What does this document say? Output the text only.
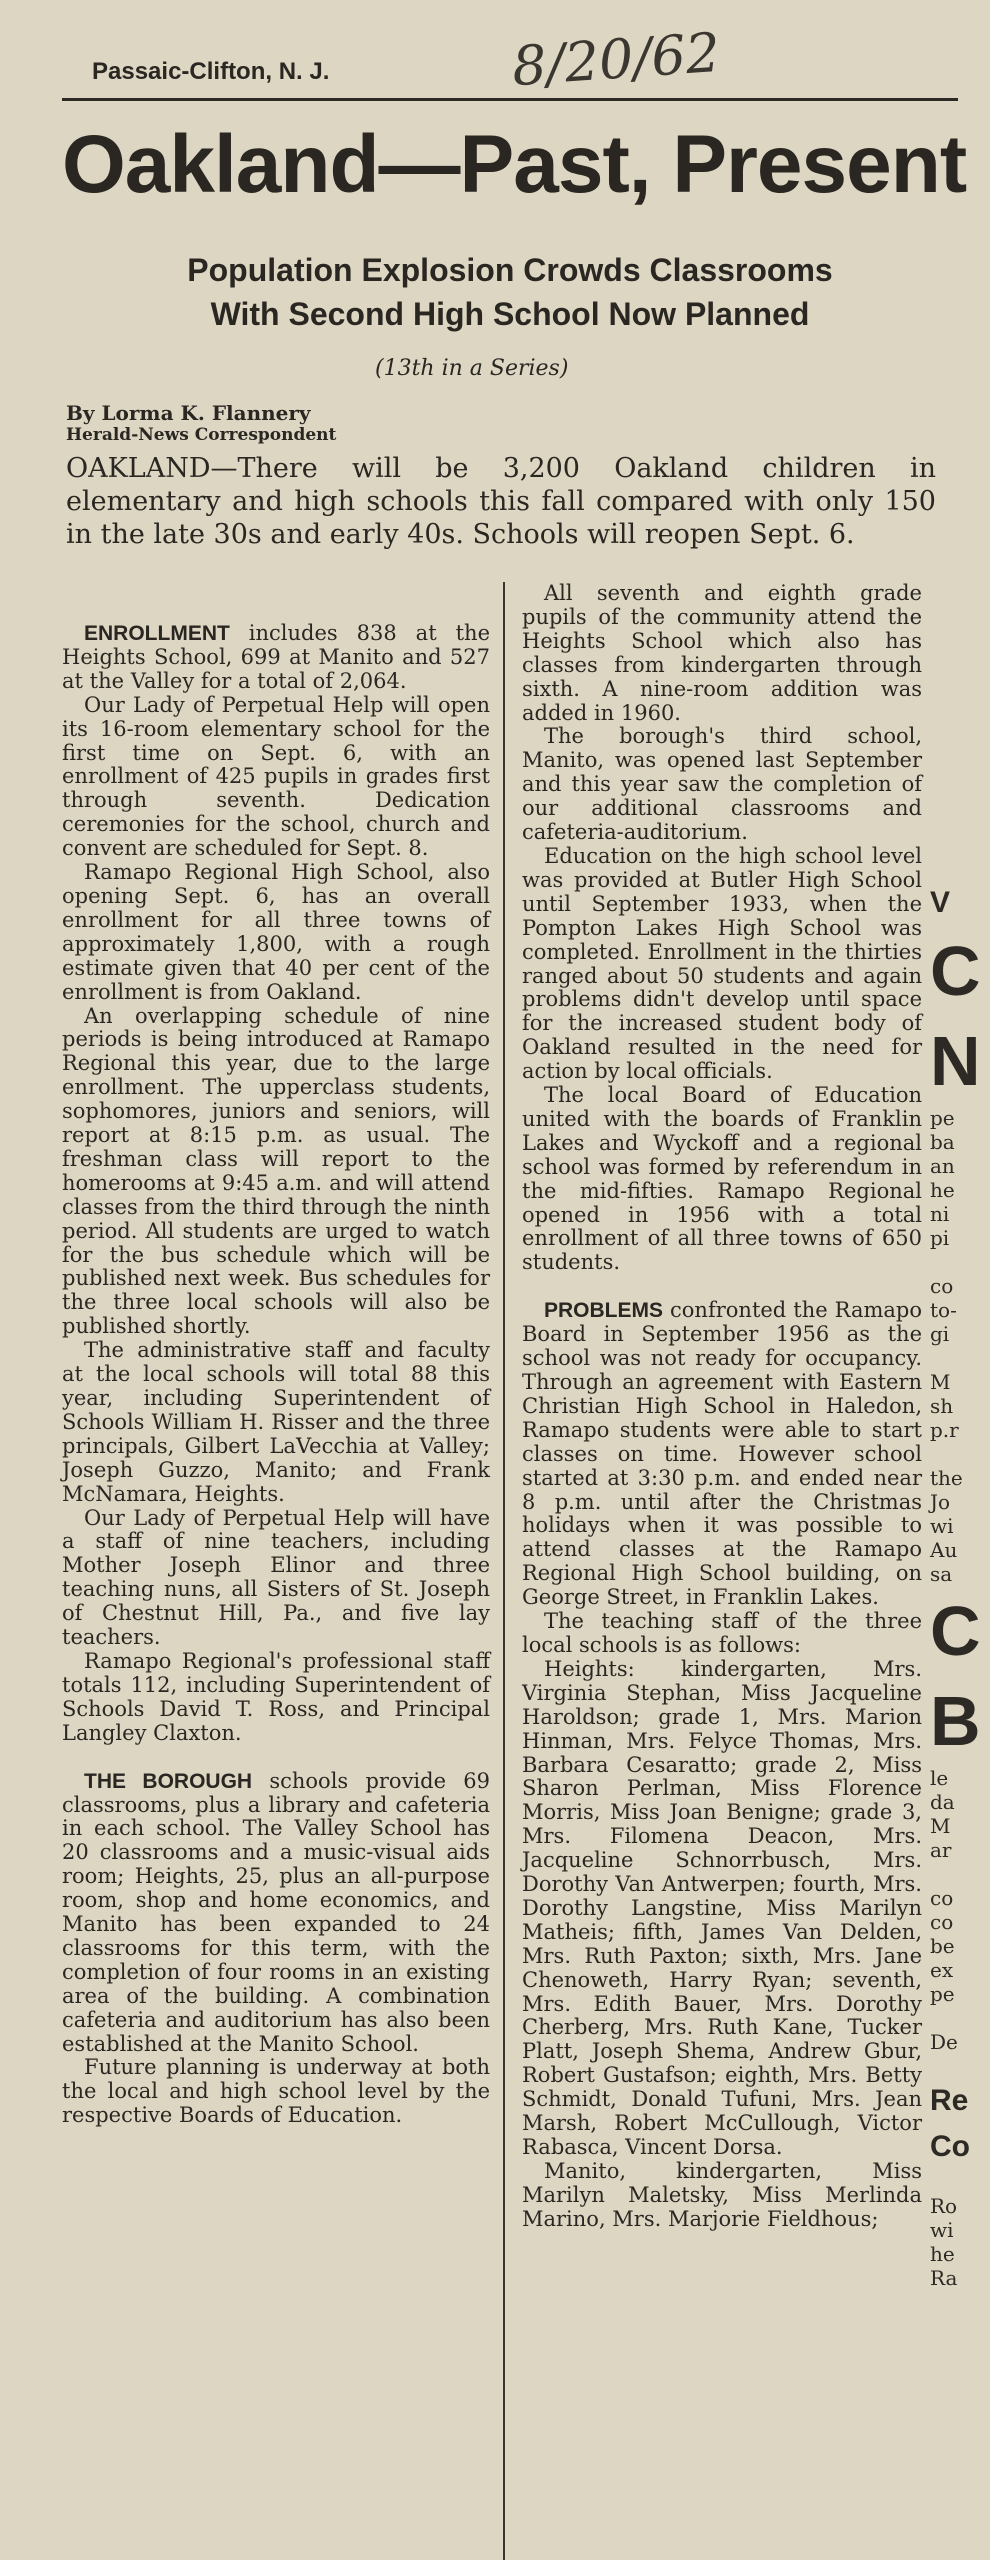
Passaic-Clifton, N. J.	8/20/62
Oakland—Past, Present
Population Explosion Crowds Classrooms
With Second High School Now Planned
(13th in a Series)
By Lorma K. Flannery
Herald-News Correspondent
OAKLAND—There will be 3,200 Oakland children in elementary and high schools this fall compared with only 150 in the late 30s and early 40s. Schools will reopen Sept. 6.

ENROLLMENT includes 838 at the Heights School, 699 at Manito and 527 at the Valley for a total of 2,064.

Our Lady of Perpetual Help will open its 16-room elementary school for the first time on Sept. 6, with an enrollment of 425 pupils in grades first through seventh. Dedication ceremonies for the school, church and convent are scheduled for Sept. 8.

Ramapo Regional High School, also opening Sept. 6, has an overall enrollment for all three towns of approximately 1,800, with a rough estimate given that 40 per cent of the enrollment is from Oakland.

An overlapping schedule of nine periods is being introduced at Ramapo Regional this year, due to the large enrollment. The upperclass students, sophomores, juniors and seniors, will report at 8:15 p.m. as usual. The freshman class will report to the homerooms at 9:45 a.m. and will attend classes from the third through the ninth period. All students are urged to watch for the bus schedule which will be published next week. Bus schedules for the three local schools will also be published shortly.

The administrative staff and faculty at the local schools will total 88 this year, including Superintendent of Schools William H. Risser and the three principals, Gilbert LaVecchia at Valley; Joseph Guzzo, Manito; and Frank McNamara, Heights.

Our Lady of Perpetual Help will have a staff of nine teachers, including Mother Joseph Elinor and three teaching nuns, all Sisters of St. Joseph of Chestnut Hill, Pa., and five lay teachers.

Ramapo Regional's professional staff totals 112, including Superintendent of Schools David T. Ross, and Principal Langley Claxton.

THE BOROUGH schools provide 69 classrooms, plus a library and cafeteria in each school. The Valley School has 20 classrooms and a music-visual aids room; Heights, 25, plus an all-purpose room, shop and home economics, and Manito has been expanded to 24 classrooms for this term, with the completion of four rooms in an existing area of the building. A combination cafeteria and auditorium has also been established at the Manito School.

Future planning is underway at both the local and high school level by the respective Boards of Education.

All seventh and eighth grade pupils of the community attend the Heights School which also has classes from kindergarten through sixth. A nine-room addition was added in 1960.

The borough's third school, Manito, was opened last September and this year saw the completion of our additional classrooms and cafeteria-auditorium.

Education on the high school level was provided at Butler High School until September 1933, when the Pompton Lakes High School was completed. Enrollment in the thirties ranged about 50 students and again problems didn't develop until space for the increased student body of Oakland resulted in the need for action by local officials.

The local Board of Education united with the boards of Franklin Lakes and Wyckoff and a regional school was formed by referendum in the mid-fifties. Ramapo Regional opened in 1956 with a total enrollment of all three towns of 650 students.

PROBLEMS confronted the Ramapo Board in September 1956 as the school was not ready for occupancy. Through an agreement with Eastern Christian High School in Haledon, Ramapo students were able to start classes on time. However school started at 3:30 p.m. and ended near 8 p.m. until after the Christmas holidays when it was possible to attend classes at the Ramapo Regional High School building, on George Street, in Franklin Lakes.

The teaching staff of the three local schools is as follows:

Heights: kindergarten, Mrs. Virginia Stephan, Miss Jacqueline Haroldson; grade 1, Mrs. Marion Hinman, Mrs. Felyce Thomas, Mrs. Barbara Cesaratto; grade 2, Miss Sharon Perlman, Miss Florence Morris, Miss Joan Benigne; grade 3, Mrs. Filomena Deacon, Mrs. Jacqueline Schnorrbusch, Mrs. Dorothy Van Antwerpen; fourth, Mrs. Dorothy Langstine, Miss Marilyn Matheis; fifth, James Van Delden, Mrs. Ruth Paxton; sixth, Mrs. Jane Chenoweth, Harry Ryan; seventh, Mrs. Edith Bauer, Mrs. Dorothy Cherberg, Mrs. Ruth Kane, Tucker Platt, Joseph Shema, Andrew Gbur, Robert Gustafson; eighth, Mrs. Betty Schmidt, Donald Tufuni, Mrs. Jean Marsh, Robert McCullough, Victor Rabasca, Vincent Dorsa.

Manito, kindergarten, Miss Marilyn Maletsky, Miss Merlinda Marino, Mrs. Marjorie Fieldhous;

V
C
N
pe
ba
an
he
ni
pi
co
to-
gi
M
sh
p.r
the
Jo
wi
Au
sa
C
B
le
da
M
ar
co
co
be
ex
pe
De
Re
Co
Ro
wi
he
Ra
